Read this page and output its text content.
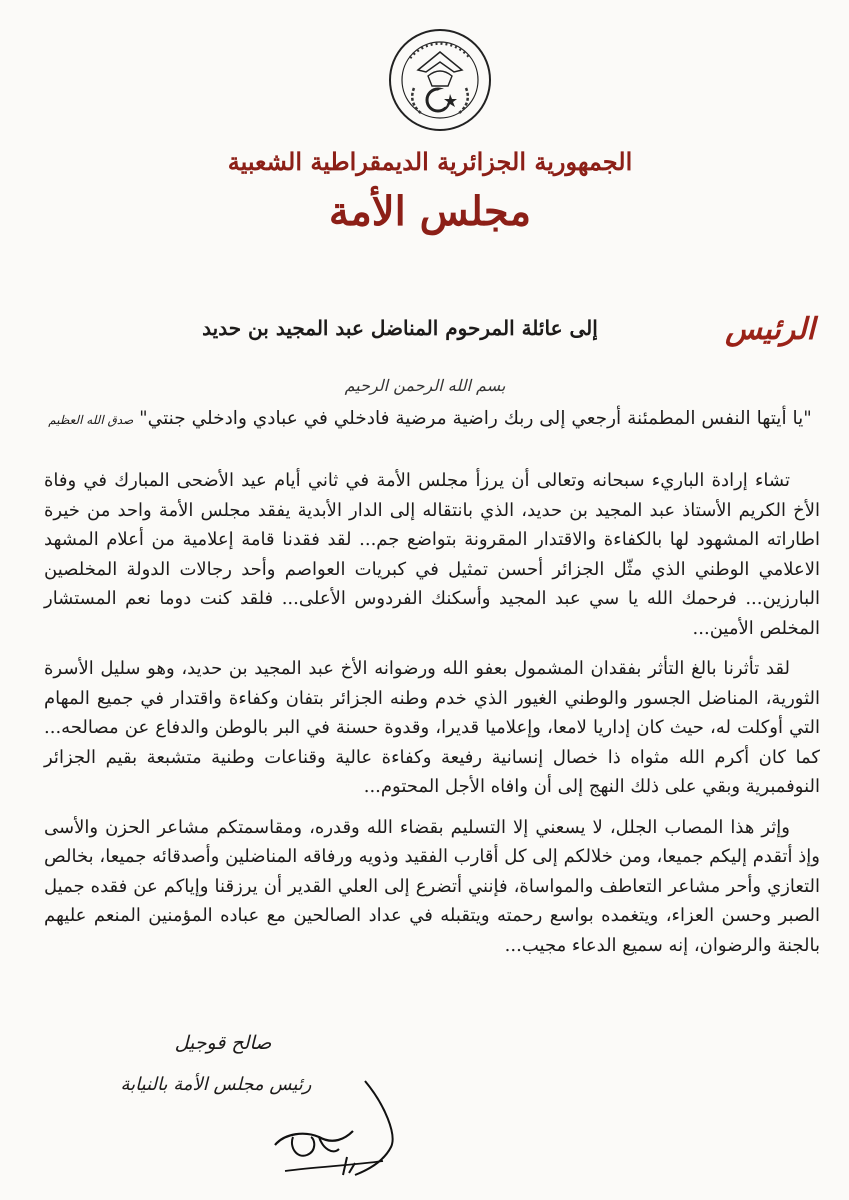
الجمهورية الجزائرية الديمقراطية الشعبية
مجلس الأمة
الرئيس
إلى عائلة المرحوم المناضل عبد المجيد بن حديد
بسم الله الرحمن الرحيم
"يا أيتها النفس المطمئنة أرجعي إلى ربك راضية مرضية فادخلي في عبادي وادخلي جنتي" صدق الله العظيم

تشاء إرادة الباريء سبحانه وتعالى أن يرزأ مجلس الأمة في ثاني أيام عيد الأضحى المبارك في وفاة الأخ الكريم الأستاذ عبد المجيد بن حديد، الذي بانتقاله إلى الدار الأبدية يفقد مجلس الأمة واحد من خيرة اطاراته المشهود لها بالكفاءة والاقتدار المقرونة بتواضع جم... لقد فقدنا قامة إعلامية من أعلام المشهد الاعلامي الوطني الذي مثّل الجزائر أحسن تمثيل في كبريات العواصم وأحد رجالات الدولة المخلصين البارزين... فرحمك الله يا سي عبد المجيد وأسكنك الفردوس الأعلى... فلقد كنت دوما نعم المستشار المخلص الأمين...

لقد تأثرنا بالغ التأثر بفقدان المشمول بعفو الله ورضوانه الأخ عبد المجيد بن حديد، وهو سليل الأسرة الثورية، المناضل الجسور والوطني الغيور الذي خدم وطنه الجزائر بتفان وكفاءة واقتدار في جميع المهام التي أوكلت له، حيث كان إداريا لامعا، وإعلاميا قديرا، وقدوة حسنة في البر بالوطن والدفاع عن مصالحه... كما كان أكرم الله مثواه ذا خصال إنسانية رفيعة وكفاءة عالية وقناعات وطنية متشبعة بقيم الجزائر النوفمبرية وبقي على ذلك النهج إلى أن وافاه الأجل المحتوم...

وإثر هذا المصاب الجلل، لا يسعني إلا التسليم بقضاء الله وقدره، ومقاسمتكم مشاعر الحزن والأسى وإذ أتقدم إليكم جميعا، ومن خلالكم إلى كل أقارب الفقيد وذويه ورفاقه المناضلين وأصدقائه جميعا، بخالص التعازي وأحر مشاعر التعاطف والمواساة، فإنني أتضرع إلى العلي القدير أن يرزقنا وإياكم عن فقده جميل الصبر وحسن العزاء، ويتغمده بواسع رحمته ويتقبله في عداد الصالحين مع عباده المؤمنين المنعم عليهم بالجنة والرضوان، إنه سميع الدعاء مجيب...

صالح قوجيل
رئيس مجلس الأمة بالنيابة
